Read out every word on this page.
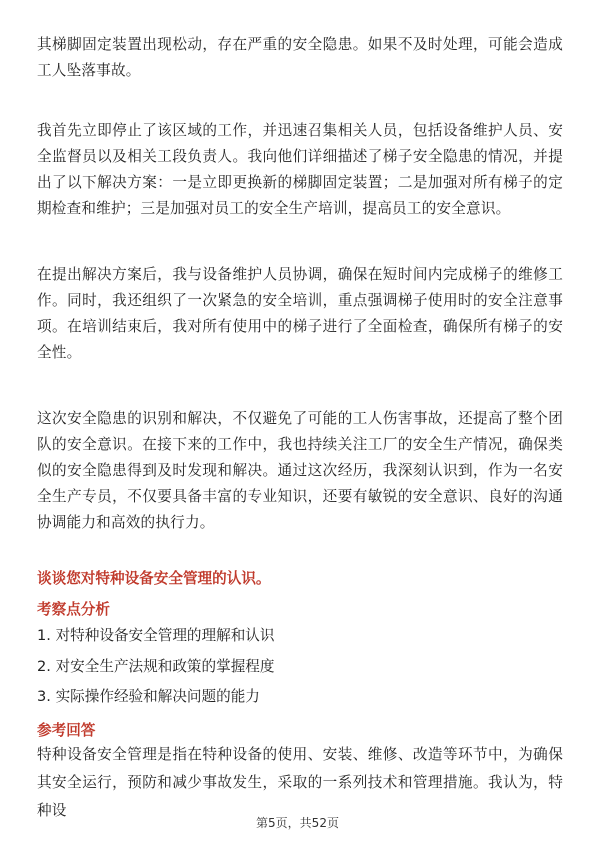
其梯脚固定装置出现松动，存在严重的安全隐患。如果不及时处理，可能会造成工人坠落事故。

我首先立即停止了该区域的工作，并迅速召集相关人员，包括设备维护人员、安全监督员以及相关工段负责人。我向他们详细描述了梯子安全隐患的情况，并提出了以下解决方案：一是立即更换新的梯脚固定装置；二是加强对所有梯子的定期检查和维护；三是加强对员工的安全生产培训，提高员工的安全意识。

在提出解决方案后，我与设备维护人员协调，确保在短时间内完成梯子的维修工作。同时，我还组织了一次紧急的安全培训，重点强调梯子使用时的安全注意事项。在培训结束后，我对所有使用中的梯子进行了全面检查，确保所有梯子的安全性。

这次安全隐患的识别和解决，不仅避免了可能的工人伤害事故，还提高了整个团队的安全意识。在接下来的工作中，我也持续关注工厂的安全生产情况，确保类似的安全隐患得到及时发现和解决。通过这次经历，我深刻认识到，作为一名安全生产专员，不仅要具备丰富的专业知识，还要有敏锐的安全意识、良好的沟通协调能力和高效的执行力。

谈谈您对特种设备安全管理的认识。

考察点分析

1. 对特种设备安全管理的理解和认识

2. 对安全生产法规和政策的掌握程度

3. 实际操作经验和解决问题的能力

参考回答

特种设备安全管理是指在特种设备的使用、安装、维修、改造等环节中，为确保其安全运行，预防和减少事故发生，采取的一系列技术和管理措施。我认为，特种设

第5页，共52页
